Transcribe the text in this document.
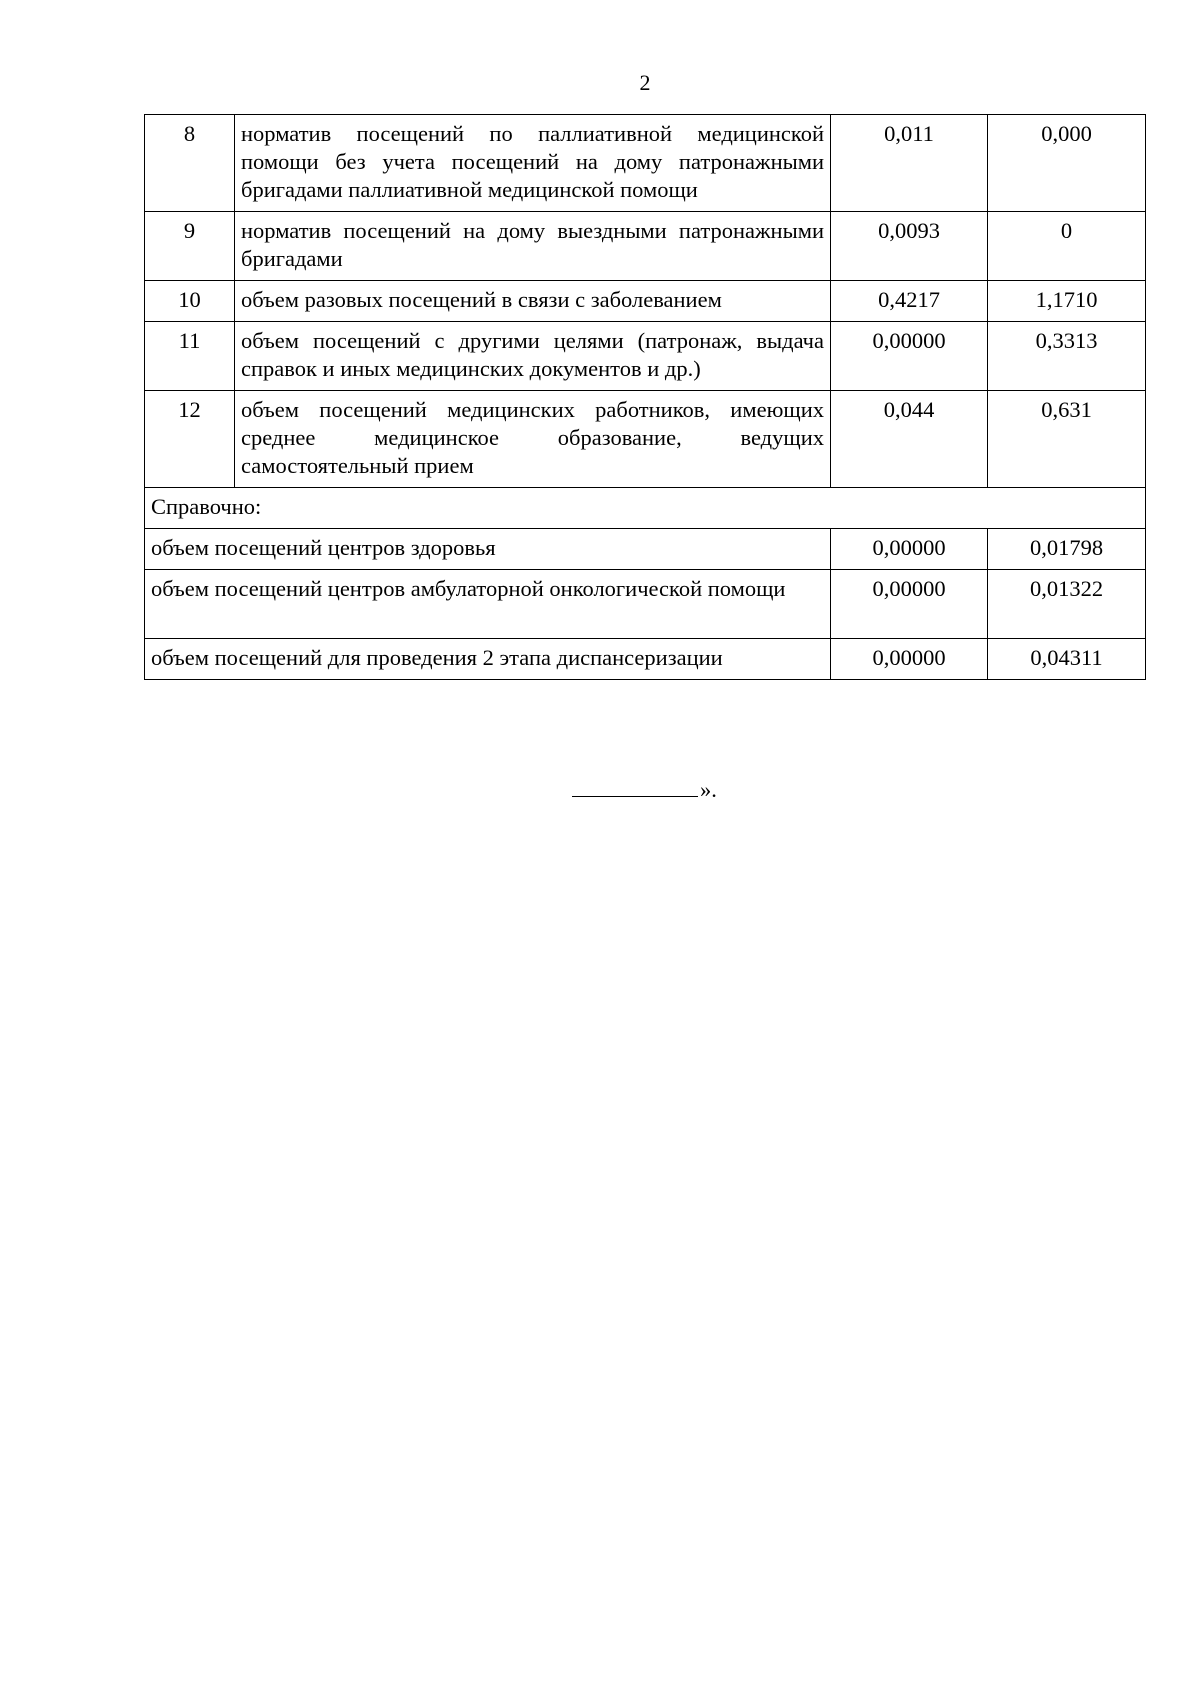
2
8	норматив посещений по паллиативной медицинской помощи без учета посещений на дому патронажными бригадами паллиативной медицинской помощи	0,011	0,000
9	норматив посещений на дому выездными патронажными бригадами	0,0093	0
10	объем разовых посещений в связи с заболеванием	0,4217	1,1710
11	объем посещений с другими целями (патронаж, выдача справок и иных медицинских документов и др.)	0,00000	0,3313
12	объем посещений медицинских работников, имеющих среднее медицинское образование, ведущих самостоятельный прием	0,044	0,631
Справочно:			
объем посещений центров здоровья		0,00000	0,01798
объем посещений центров амбулаторной онкологической помощи		0,00000	0,01322
объем посещений для проведения 2 этапа диспансеризации		0,00000	0,04311
».
